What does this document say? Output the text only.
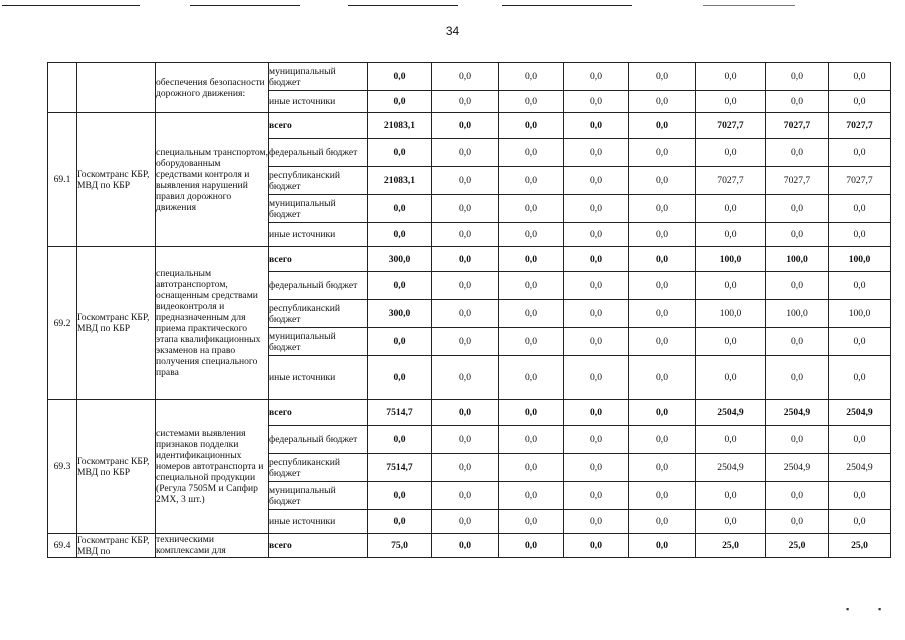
34
		обеспечения безопасности дорожного движения:	муниципальный бюджет	0,0	0,0	0,0	0,0	0,0	0,0	0,0	0,0
			иные источники	0,0	0,0	0,0	0,0	0,0	0,0	0,0	0,0
69.1	Госкомтранс КБР, МВД по КБР	специальным транспортом, оборудованным средствами контроля и выявления нарушений правил дорожного движения	всего	21083,1	0,0	0,0	0,0	0,0	7027,7	7027,7	7027,7
			федеральный бюджет	0,0	0,0	0,0	0,0	0,0	0,0	0,0	0,0
			республиканский бюджет	21083,1	0,0	0,0	0,0	0,0	7027,7	7027,7	7027,7
			муниципальный бюджет	0,0	0,0	0,0	0,0	0,0	0,0	0,0	0,0
			иные источники	0,0	0,0	0,0	0,0	0,0	0,0	0,0	0,0
69.2	Госкомтранс КБР, МВД по КБР	специальным автотранспортом, оснащенным средствами видеоконтроля и предназначенным для приема практического этапа квалификационных экзаменов на право получения специального права	всего	300,0	0,0	0,0	0,0	0,0	100,0	100,0	100,0
			федеральный бюджет	0,0	0,0	0,0	0,0	0,0	0,0	0,0	0,0
			республиканский бюджет	300,0	0,0	0,0	0,0	0,0	100,0	100,0	100,0
			муниципальный бюджет	0,0	0,0	0,0	0,0	0,0	0,0	0,0	0,0
			иные источники	0,0	0,0	0,0	0,0	0,0	0,0	0,0	0,0
69.3	Госкомтранс КБР, МВД по КБР	системами выявления признаков подделки идентификационных номеров автотранспорта и специальной продукции (Регула 7505М и Сапфир 2МХ, 3 шт.)	всего	7514,7	0,0	0,0	0,0	0,0	2504,9	2504,9	2504,9
			федеральный бюджет	0,0	0,0	0,0	0,0	0,0	0,0	0,0	0,0
			республиканский бюджет	7514,7	0,0	0,0	0,0	0,0	2504,9	2504,9	2504,9
			муниципальный бюджет	0,0	0,0	0,0	0,0	0,0	0,0	0,0	0,0
			иные источники	0,0	0,0	0,0	0,0	0,0	0,0	0,0	0,0
69.4	Госкомтранс КБР, МВД по	техническими комплексами для	всего	75,0	0,0	0,0	0,0	0,0	25,0	25,0	25,0
▪	▪
